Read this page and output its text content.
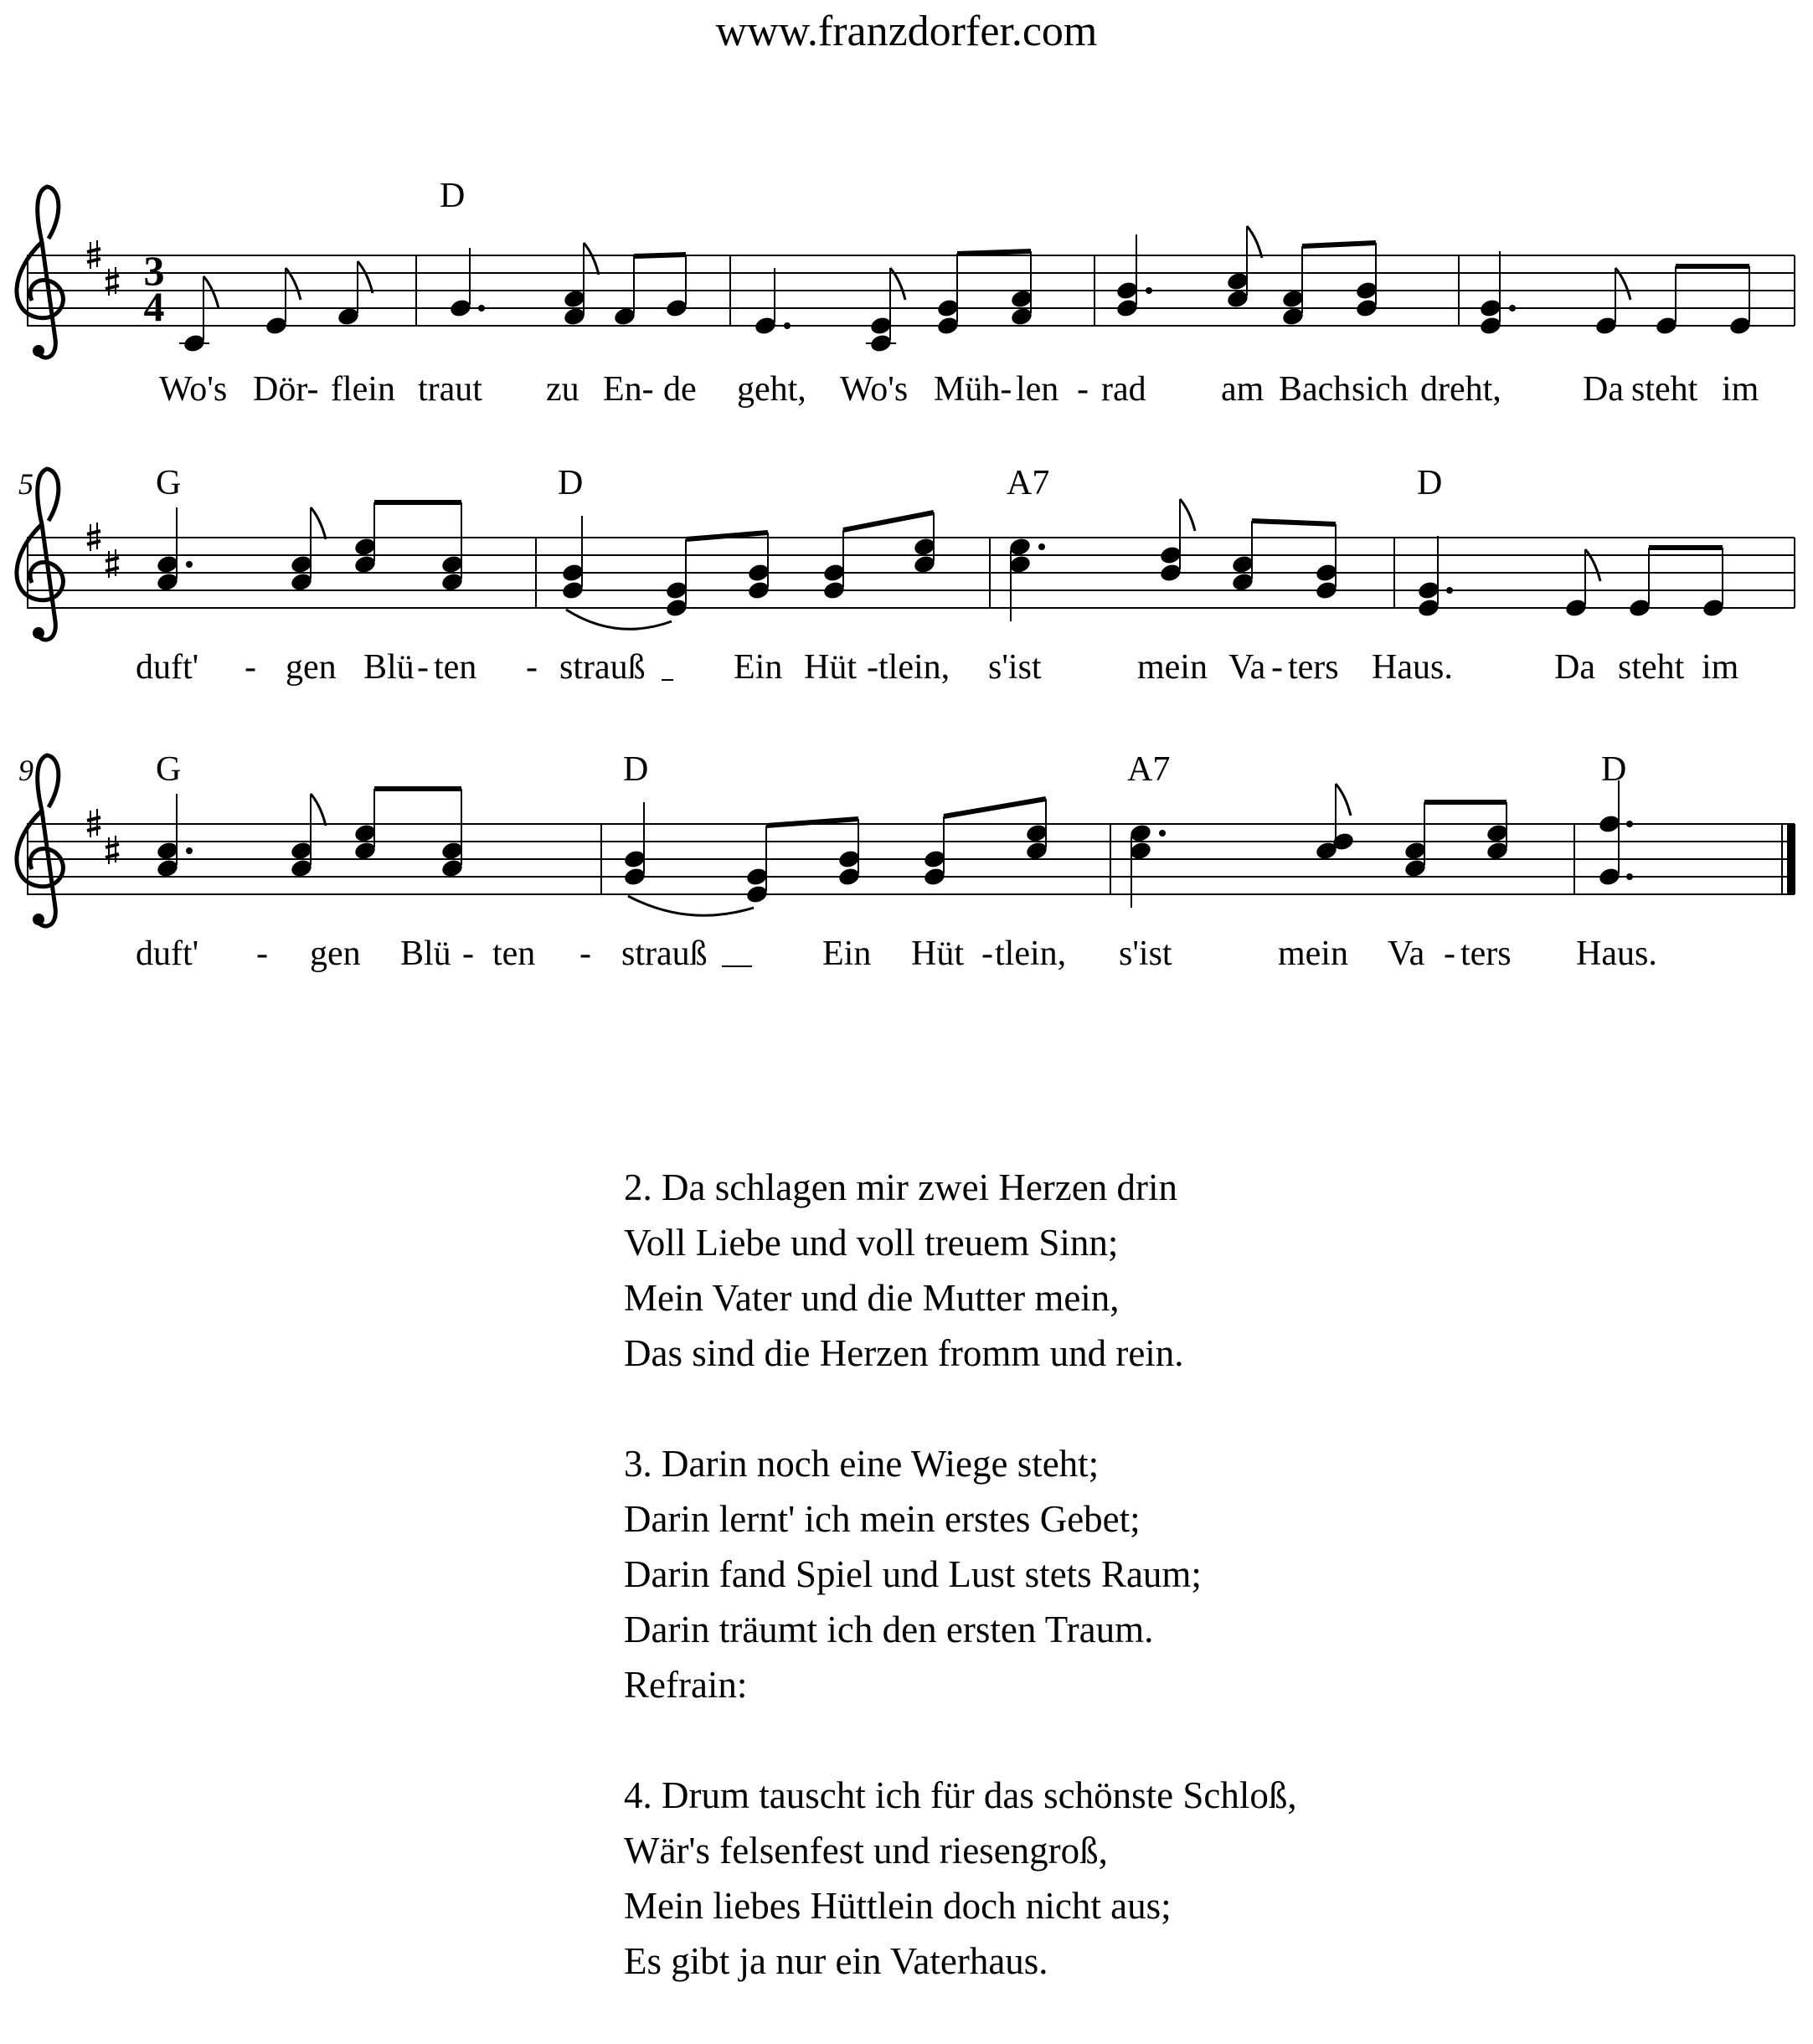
www.franzdorfer.com
3
4
D
Wo's Dör- flein traut zu En- de geht, Wo's Müh- len - rad am Bach sich dreht, Da steht im
5	G	D	A7	D
duft' - gen Blü - ten - strauß	Ein Hüt - tlein, s'ist	mein Va - ters Haus.	Da steht im
9	G	D	A7	D
duft' - gen Blü - ten - strauß	Ein Hüt - tlein, s'ist	mein Va - ters Haus.
2. Da schlagen mir zwei Herzen drin
Voll Liebe und voll treuem Sinn;
Mein Vater und die Mutter mein,
Das sind die Herzen fromm und rein.
3. Darin noch eine Wiege steht;
Darin lernt' ich mein erstes Gebet;
Darin fand Spiel und Lust stets Raum;
Darin träumt ich den ersten Traum.
Refrain:
4. Drum tauscht ich für das schönste Schloß,
Wär's felsenfest und riesengroß,
Mein liebes Hüttlein doch nicht aus;
Es gibt ja nur ein Vaterhaus.
